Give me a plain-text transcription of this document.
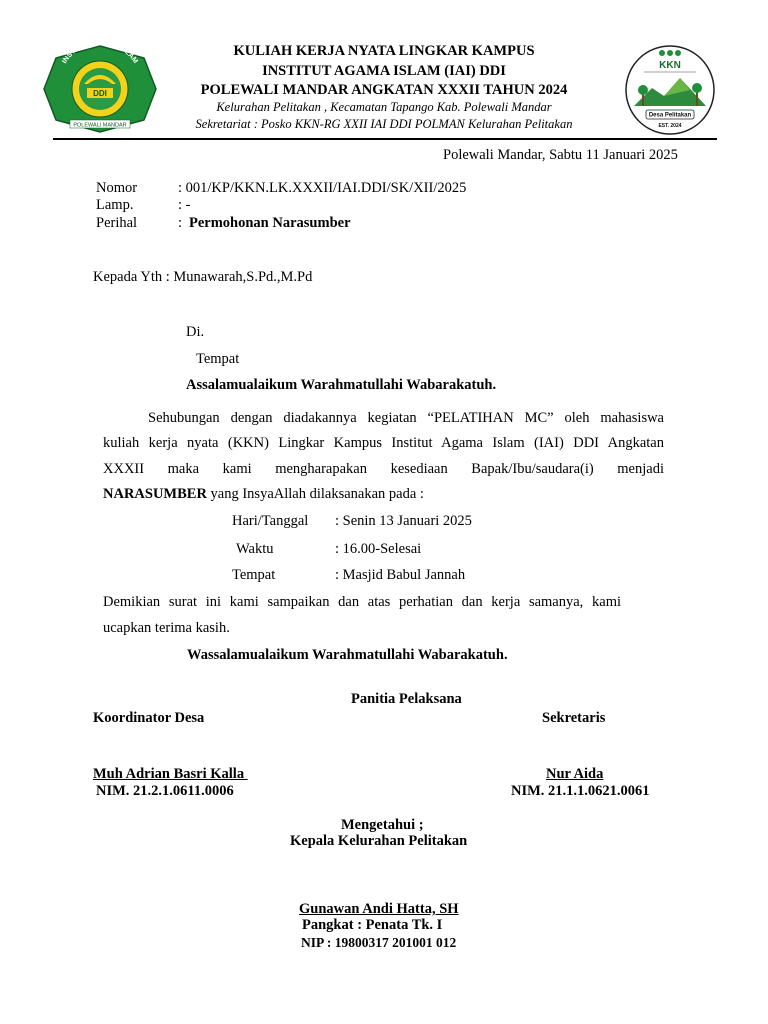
DDI
INSTITUT A ISLAM
POLEWALI MANDAR
KKN
Desa Pelitakan
EST. 2024
KULIAH KERJA NYATA LINGKAR KAMPUS
INSTITUT AGAMA ISLAM (IAI) DDI
POLEWALI MANDAR ANGKATAN XXXII TAHUN 2024
Kelurahan Pelitakan , Kecamatan Tapango Kab. Polewali Mandar
Sekretariat : Posko KKN-RG XXII IAI DDI POLMAN Kelurahan Pelitakan
Polewali Mandar, Sabtu 11 Januari 2025
Nomor	: 001/KP/KKN.LK.XXXII/IAI.DDI/SK/XII/2025
Lamp.	: -
Perihal	: Permohonan Narasumber
Kepada Yth : Munawarah,S.Pd.,M.Pd
Di.
Tempat
Assalamualaikum Warahmatullahi Wabarakatuh.
Sehubungan dengan diadakannya kegiatan “PELATIHAN MC” oleh mahasiswa
kuliah kerja nyata (KKN) Lingkar Kampus Institut Agama Islam (IAI) DDI Angkatan
XXXII maka kami mengharapakan kesediaan Bapak/Ibu/saudara(i) menjadi
NARASUMBER yang InsyaAllah dilaksanakan pada :
Hari/Tanggal : Senin 13 Januari 2025
Waktu	: 16.00-Selesai
Tempat	: Masjid Babul Jannah
Demikian surat ini kami sampaikan dan atas perhatian dan kerja samanya, kami
ucapkan terima kasih.
Wassalamualaikum Warahmatullahi Wabarakatuh.
Panitia Pelaksana
Koordinator Desa	Sekretaris
Muh Adrian Basri Kalla
NIM. 21.2.1.0611.0006
Nur Aida
NIM. 21.1.1.0621.0061
Mengetahui ;
Kepala Kelurahan Pelitakan
Gunawan Andi Hatta, SH
Pangkat : Penata Tk. I
NIP : 19800317 201001 012
